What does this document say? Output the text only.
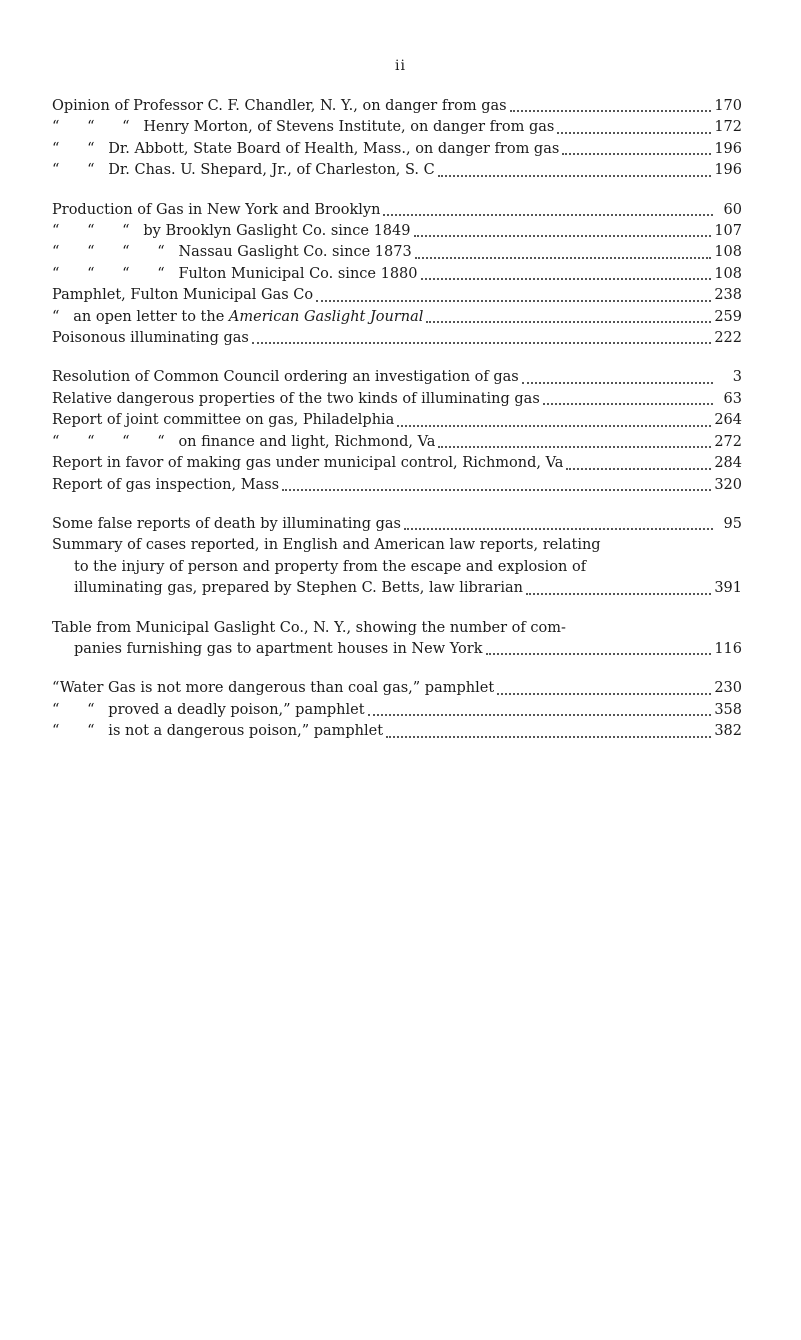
ii
Opinion of Professor C. F. Chandler, N. Y., on danger from gas	170
“      “      “   Henry Morton, of Stevens Institute, on danger from gas	172
“      “   Dr. Abbott, State Board of Health, Mass., on danger from gas	196
“      “   Dr. Chas. U. Shepard, Jr., of Charleston, S. C	196
Production of Gas in New York and Brooklyn	60
“      “      “   by Brooklyn Gaslight Co. since 1849	107
“      “      “      “   Nassau Gaslight Co. since 1873	108
“      “      “      “   Fulton Municipal Co. since 1880	108
Pamphlet, Fulton Municipal Gas Co	238
“   an open letter to the American Gaslight Journal	259
Poisonous illuminating gas	222
Resolution of Common Council ordering an investigation of gas	3
Relative dangerous properties of the two kinds of illuminating gas	63
Report of joint committee on gas, Philadelphia	264
“      “      “      “   on finance and light, Richmond, Va	272
Report in favor of making gas under municipal control, Richmond, Va	284
Report of gas inspection, Mass	320
Some false reports of death by illuminating gas	95
Summary of cases reported, in English and American law reports, relating
to the injury of person and property from the escape and explosion of
illuminating gas, prepared by Stephen C. Betts, law librarian	391
Table from Municipal Gaslight Co., N. Y., showing the number of com-
panies furnishing gas to apartment houses in New York	116
“Water Gas is not more dangerous than coal gas,” pamphlet	230
“      “   proved a deadly poison,” pamphlet	358
“      “   is not a dangerous poison,” pamphlet	382
